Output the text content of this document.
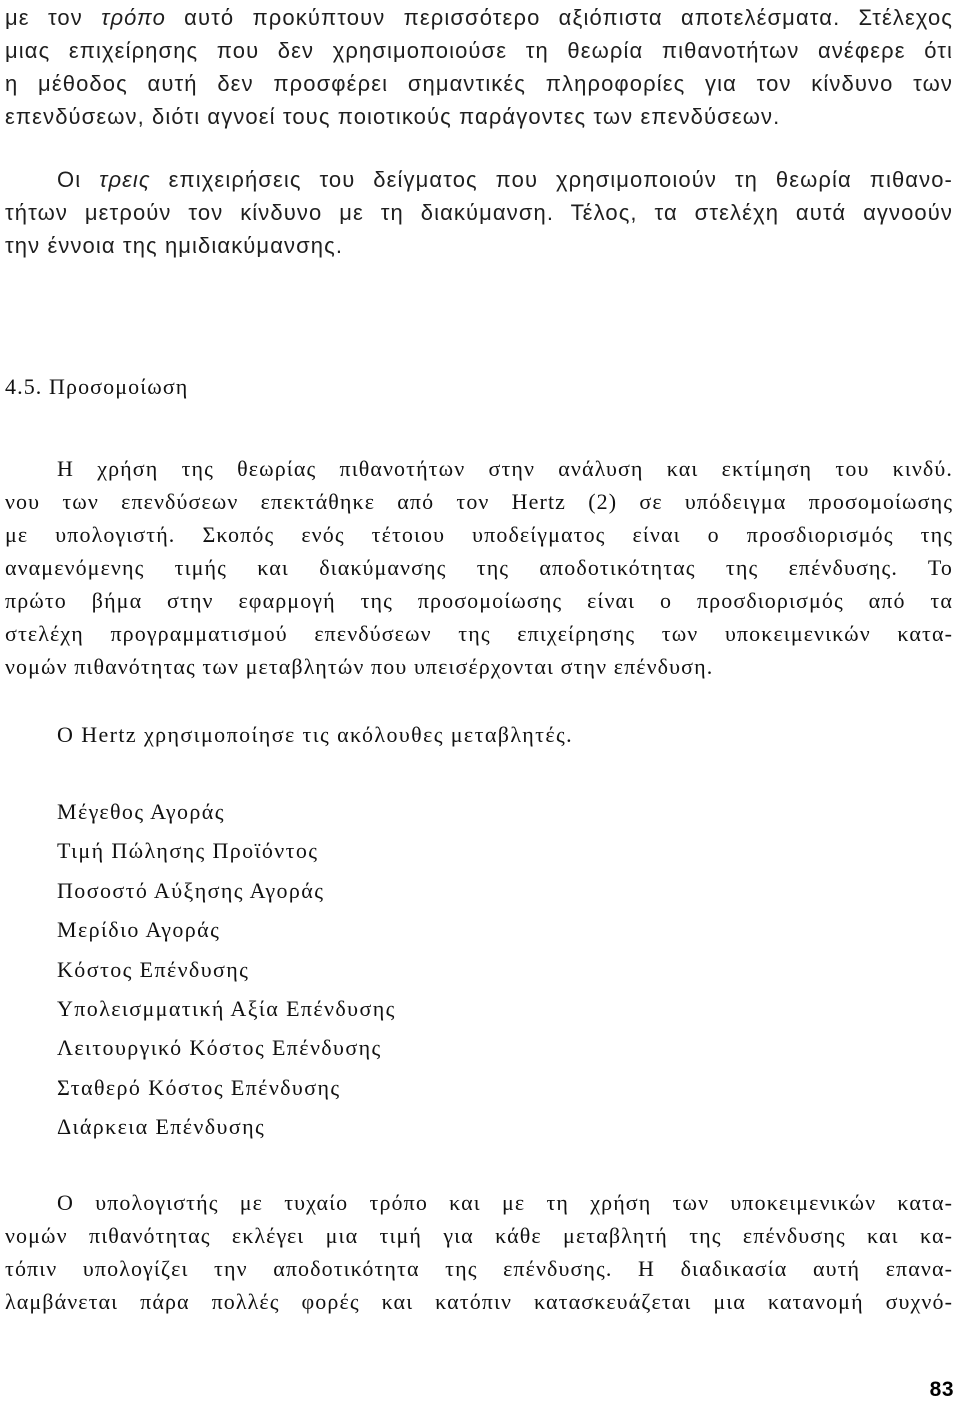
με τον τρόπο αυτό προκύπτουν περισσότερο αξιόπιστα αποτελέσματα. Στέλεχος
μιας επιχείρησης που δεν χρησιμοποιούσε τη θεωρία πιθανοτήτων ανέφερε ότι
η μέθοδος αυτή δεν προσφέρει σημαντικές πληροφορίες για τον κίνδυνο των
επενδύσεων, διότι αγνοεί τους ποιοτικούς παράγοντες των επενδύσεων.
Οι τρεις επιχειρήσεις του δείγματος που χρησιμοποιούν τη θεωρία πιθανο-
τήτων μετρούν τον κίνδυνο με τη διακύμανση. Τέλος, τα στελέχη αυτά αγνοούν
την έννοια της ημιδιακύμανσης.
4.5. Προσομοίωση
Η χρήση της θεωρίας πιθανοτήτων στην ανάλυση και εκτίμηση του κινδύ.
νου των επενδύσεων επεκτάθηκε από τον Hertz (2) σε υπόδειγμα προσομοίωσης
με υπολογιστή. Σκοπός ενός τέτοιου υποδείγματος είναι ο προσδιορισμός της
αναμενόμενης τιμής και διακύμανσης της αποδοτικότητας της επένδυσης. Το
πρώτο βήμα στην εφαρμογή της προσομοίωσης είναι ο προσδιορισμός από τα
στελέχη προγραμματισμού επενδύσεων της επιχείρησης των υποκειμενικών κατα-
νομών πιθανότητας των μεταβλητών που υπεισέρχονται στην επένδυση.
Ο Hertz χρησιμοποίησε τις ακόλουθες μεταβλητές.
Μέγεθος Αγοράς
Τιμή Πώλησης Προϊόντος
Ποσοστό Αύξησης Αγοράς
Μερίδιο Αγοράς
Κόστος Επένδυσης
Υπολεισμματική Αξία Επένδυσης
Λειτουργικό Κόστος Επένδυσης
Σταθερό Κόστος Επένδυσης
Διάρκεια Επένδυσης
Ο υπολογιστής με τυχαίο τρόπο και με τη χρήση των υποκειμενικών κατα-
νομών πιθανότητας εκλέγει μια τιμή για κάθε μεταβλητή της επένδυσης και κα-
τόπιν υπολογίζει την αποδοτικότητα της επένδυσης. Η διαδικασία αυτή επανα-
λαμβάνεται πάρα πολλές φορές και κατόπιν κατασκευάζεται μια κατανομή συχνό-
83
